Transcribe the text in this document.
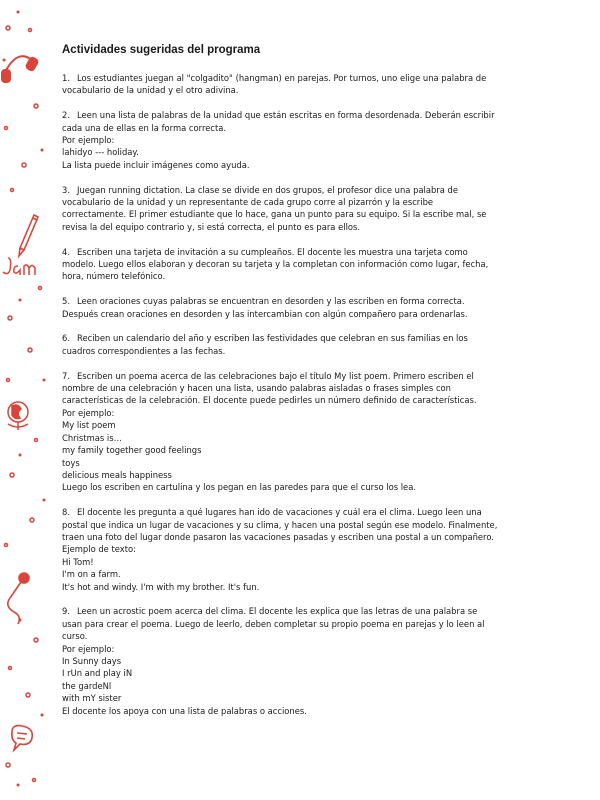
Actividades sugeridas del programa
1. Los estudiantes juegan al "colgadito" (hangman) en parejas. Por turnos, uno elige una palabra de
vocabulario de la unidad y el otro adivina.
2. Leen una lista de palabras de la unidad que están escritas en forma desordenada. Deberán escribir
cada una de ellas en la forma correcta.
Por ejemplo:
lahidyo --- holiday.
La lista puede incluir imágenes como ayuda.
3. Juegan running dictation. La clase se divide en dos grupos, el profesor dice una palabra de
vocabulario de la unidad y un representante de cada grupo corre al pizarrón y la escribe
correctamente. El primer estudiante que lo hace, gana un punto para su equipo. Si la escribe mal, se
revisa la del equipo contrario y, si está correcta, el punto es para ellos.
4. Escriben una tarjeta de invitación a su cumpleaños. El docente les muestra una tarjeta como
modelo. Luego ellos elaboran y decoran su tarjeta y la completan con información como lugar, fecha,
hora, número telefónico.
5. Leen oraciones cuyas palabras se encuentran en desorden y las escriben en forma correcta.
Después crean oraciones en desorden y las intercambian con algún compañero para ordenarlas.
6. Reciben un calendario del año y escriben las festividades que celebran en sus familias en los
cuadros correspondientes a las fechas.
7. Escriben un poema acerca de las celebraciones bajo el título My list poem. Primero escriben el
nombre de una celebración y hacen una lista, usando palabras aisladas o frases simples con
características de la celebración. El docente puede pedirles un número definido de características.
Por ejemplo:
My list poem
Christmas is…
my family together good feelings
toys
delicious meals happiness
Luego los escriben en cartulina y los pegan en las paredes para que el curso los lea.
8. El docente les pregunta a qué lugares han ido de vacaciones y cuál era el clima. Luego leen una
postal que indica un lugar de vacaciones y su clima, y hacen una postal según ese modelo. Finalmente,
traen una foto del lugar donde pasaron las vacaciones pasadas y escriben una postal a un compañero.
Ejemplo de texto:
Hi Tom!
I'm on a farm.
It's hot and windy. I'm with my brother. It's fun.
9. Leen un acrostic poem acerca del clima. El docente les explica que las letras de una palabra se
usan para crear el poema. Luego de leerlo, deben completar su propio poema en parejas y lo leen al
curso.
Por ejemplo:
In Sunny days
I rUn and play iN
the gardeNl
with mY sister
El docente los apoya con una lista de palabras o acciones.
